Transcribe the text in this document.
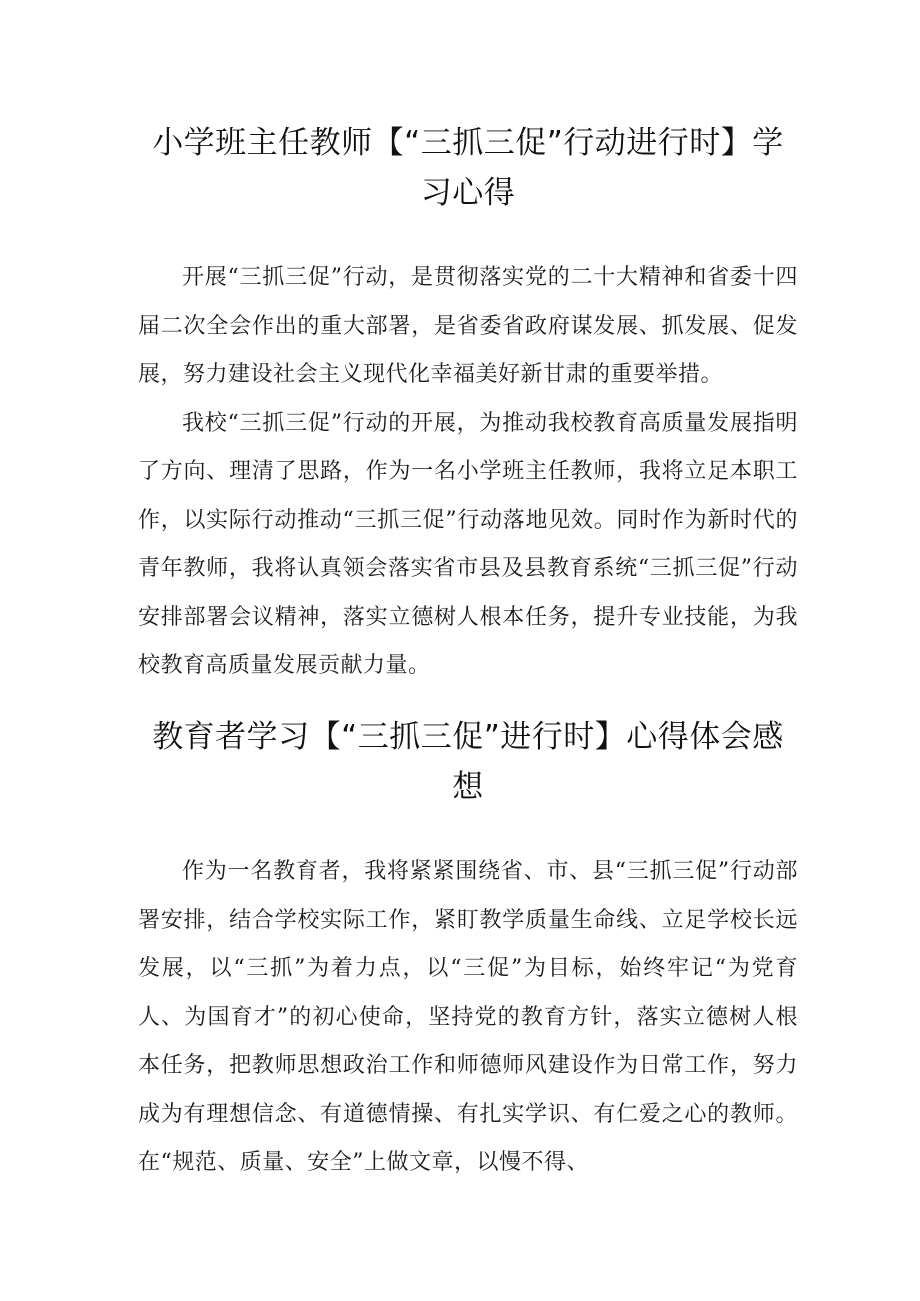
小学班主任教师【“三抓三促”行动进行时】学习心得

开展“三抓三促”行动，是贯彻落实党的二十大精神和省委十四届二次全会作出的重大部署，是省委省政府谋发展、抓发展、促发展，努力建设社会主义现代化幸福美好新甘肃的重要举措。

我校“三抓三促”行动的开展，为推动我校教育高质量发展指明了方向、理清了思路，作为一名小学班主任教师，我将立足本职工作，以实际行动推动“三抓三促”行动落地见效。同时作为新时代的青年教师，我将认真领会落实省市县及县教育系统“三抓三促”行动安排部署会议精神，落实立德树人根本任务，提升专业技能，为我校教育高质量发展贡献力量。

教育者学习【“三抓三促”进行时】心得体会感想

作为一名教育者，我将紧紧围绕省、市、县“三抓三促”行动部署安排，结合学校实际工作，紧盯教学质量生命线、立足学校长远发展，以“三抓”为着力点，以“三促”为目标，始终牢记“为党育人、为国育才”的初心使命，坚持党的教育方针，落实立德树人根本任务，把教师思想政治工作和师德师风建设作为日常工作，努力成为有理想信念、有道德情操、有扎实学识、有仁爱之心的教师。在“规范、质量、安全”上做文章，以慢不得、
